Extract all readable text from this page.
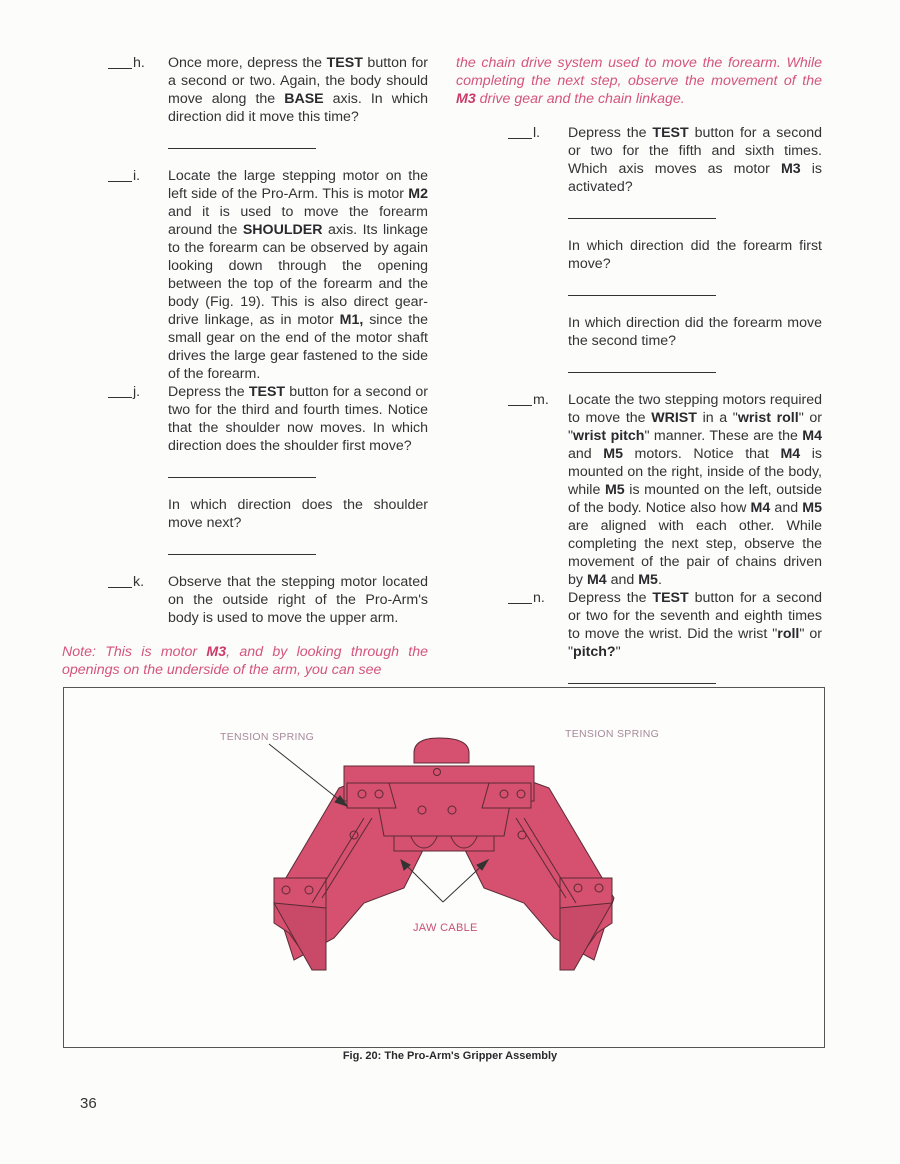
h. Once more, depress the TEST button for a second or two. Again, the body should move along the BASE axis. In which direction did it move this time?
i. Locate the large stepping motor on the left side of the Pro-Arm. This is motor M2 and it is used to move the forearm around the SHOULDER axis. Its linkage to the forearm can be observed by again looking down through the opening between the top of the forearm and the body (Fig. 19). This is also direct gear-drive linkage, as in motor M1, since the small gear on the end of the motor shaft drives the large gear fastened to the side of the forearm.
j. Depress the TEST button for a second or two for the third and fourth times. Notice that the shoulder now moves. In which direction does the shoulder first move?
In which direction does the shoulder move next?
k. Observe that the stepping motor located on the outside right of the Pro-Arm's body is used to move the upper arm.
Note: This is motor M3, and by looking through the openings on the underside of the arm, you can see
the chain drive system used to move the forearm. While completing the next step, observe the movement of the M3 drive gear and the chain linkage.
l. Depress the TEST button for a second or two for the fifth and sixth times. Which axis moves as motor M3 is activated?
In which direction did the forearm first move?
In which direction did the forearm move the second time?
m. Locate the two stepping motors required to move the WRIST in a "wrist roll" or "wrist pitch" manner. These are the M4 and M5 motors. Notice that M4 is mounted on the right, inside of the body, while M5 is mounted on the left, outside of the body. Notice also how M4 and M5 are aligned with each other. While completing the next step, observe the movement of the pair of chains driven by M4 and M5.
n. Depress the TEST button for a second or two for the seventh and eighth times to move the wrist. Did the wrist "roll" or "pitch?"
TENSION SPRING	TENSION SPRING
JAW CABLE
Fig. 20: The Pro-Arm's Gripper Assembly
36
